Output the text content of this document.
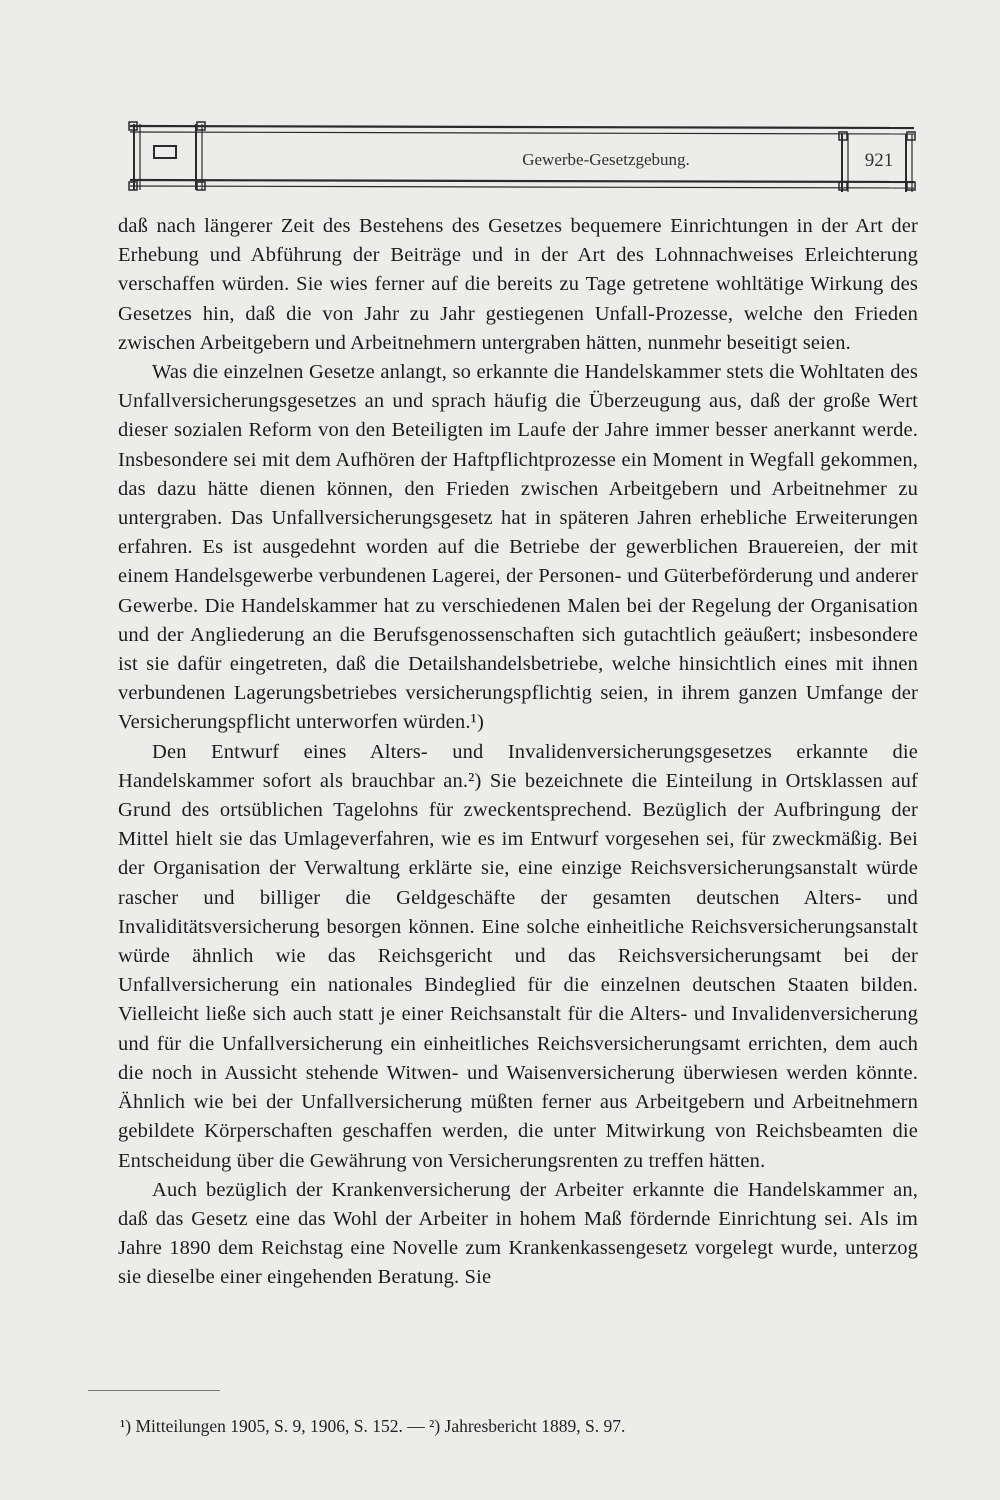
Gewerbe-Gesetzgebung.	921

daß nach längerer Zeit des Bestehens des Gesetzes bequemere Einrichtungen in der Art der Erhebung und Abführung der Beiträge und in der Art des Lohnnachweises Erleichterung verschaffen würden. Sie wies ferner auf die bereits zu Tage getretene wohltätige Wirkung des Gesetzes hin, daß die von Jahr zu Jahr gestiegenen Unfall-Prozesse, welche den Frieden zwischen Arbeitgebern und Arbeitnehmern untergraben hätten, nunmehr beseitigt seien.

Was die einzelnen Gesetze anlangt, so erkannte die Handelskammer stets die Wohltaten des Unfallversicherungsgesetzes an und sprach häufig die Überzeugung aus, daß der große Wert dieser sozialen Reform von den Beteiligten im Laufe der Jahre immer besser anerkannt werde. Insbesondere sei mit dem Aufhören der Haftpflichtprozesse ein Moment in Wegfall gekommen, das dazu hätte dienen können, den Frieden zwischen Arbeitgebern und Arbeitnehmer zu untergraben. Das Unfallversicherungsgesetz hat in späteren Jahren erhebliche Erweiterungen erfahren. Es ist ausgedehnt worden auf die Betriebe der gewerblichen Brauereien, der mit einem Handelsgewerbe verbundenen Lagerei, der Personen- und Güterbeförderung und anderer Gewerbe. Die Handelskammer hat zu verschiedenen Malen bei der Regelung der Organisation und der Angliederung an die Berufsgenossenschaften sich gutachtlich geäußert; insbesondere ist sie dafür eingetreten, daß die Detailshandelsbetriebe, welche hinsichtlich eines mit ihnen verbundenen Lagerungsbetriebes versicherungspflichtig seien, in ihrem ganzen Umfange der Versicherungspflicht unterworfen würden.¹)

Den Entwurf eines Alters- und Invalidenversicherungsgesetzes erkannte die Handelskammer sofort als brauchbar an.²) Sie bezeichnete die Einteilung in Ortsklassen auf Grund des ortsüblichen Tagelohns für zweckentsprechend. Bezüglich der Aufbringung der Mittel hielt sie das Umlageverfahren, wie es im Entwurf vorgesehen sei, für zweckmäßig. Bei der Organisation der Verwaltung erklärte sie, eine einzige Reichsversicherungsanstalt würde rascher und billiger die Geldgeschäfte der gesamten deutschen Alters- und Invaliditätsversicherung besorgen können. Eine solche einheitliche Reichsversicherungsanstalt würde ähnlich wie das Reichsgericht und das Reichsversicherungsamt bei der Unfallversicherung ein nationales Bindeglied für die einzelnen deutschen Staaten bilden. Vielleicht ließe sich auch statt je einer Reichsanstalt für die Alters- und Invalidenversicherung und für die Unfallversicherung ein einheitliches Reichsversicherungsamt errichten, dem auch die noch in Aussicht stehende Witwen- und Waisenversicherung überwiesen werden könnte. Ähnlich wie bei der Unfallversicherung müßten ferner aus Arbeitgebern und Arbeitnehmern gebildete Körperschaften geschaffen werden, die unter Mitwirkung von Reichsbeamten die Entscheidung über die Gewährung von Versicherungsrenten zu treffen hätten.

Auch bezüglich der Krankenversicherung der Arbeiter erkannte die Handelskammer an, daß das Gesetz eine das Wohl der Arbeiter in hohem Maß fördernde Einrichtung sei. Als im Jahre 1890 dem Reichstag eine Novelle zum Krankenkassengesetz vorgelegt wurde, unterzog sie dieselbe einer eingehenden Beratung. Sie

¹) Mitteilungen 1905, S. 9, 1906, S. 152. — ²) Jahresbericht 1889, S. 97.
